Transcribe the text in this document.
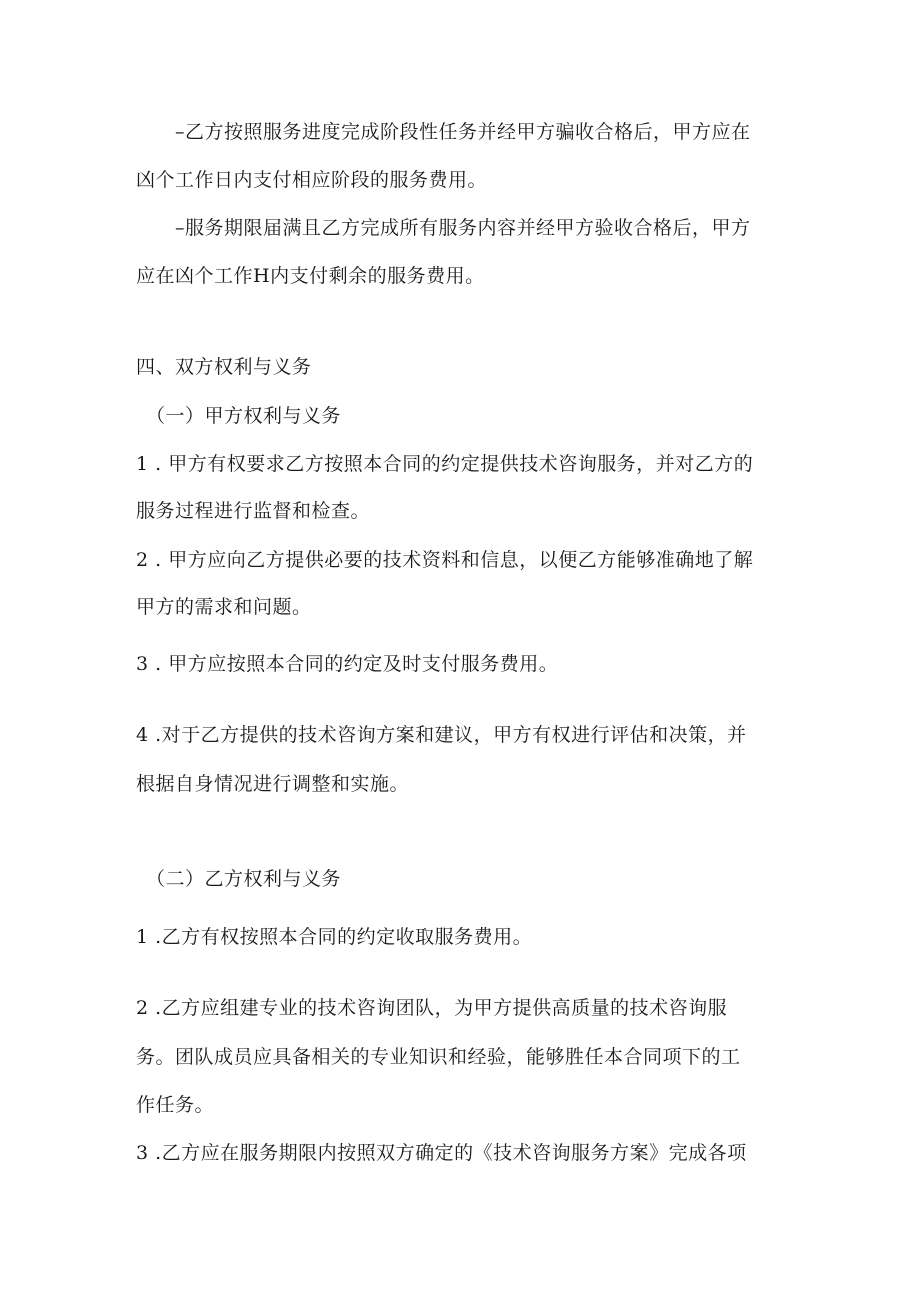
–乙方按照服务进度完成阶段性任务并经甲方骗收合格后，甲方应在
凶个工作日内支付相应阶段的服务费用。
–服务期限届满且乙方完成所有服务内容并经甲方验收合格后，甲方
应在凶个工作H内支付剩余的服务费用。
四、双方权利与义务
（一）甲方权利与义务
1 . 甲方有权要求乙方按照本合同的约定提供技术咨询服务，并对乙方的
服务过程进行监督和检查。
2 . 甲方应向乙方提供必要的技术资料和信息，以便乙方能够准确地了解
甲方的需求和问题。
3 . 甲方应按照本合同的约定及时支付服务费用。
4 .对于乙方提供的技术咨询方案和建议，甲方有权进行评估和决策，并
根据自身情况进行调整和实施。
（二）乙方权利与义务
1 .乙方有权按照本合同的约定收取服务费用。
2 .乙方应组建专业的技术咨询团队，为甲方提供高质量的技术咨询服
务。团队成员应具备相关的专业知识和经验，能够胜任本合同项下的工
作任务。
3 .乙方应在服务期限内按照双方确定的《技术咨询服务方案》完成各项
